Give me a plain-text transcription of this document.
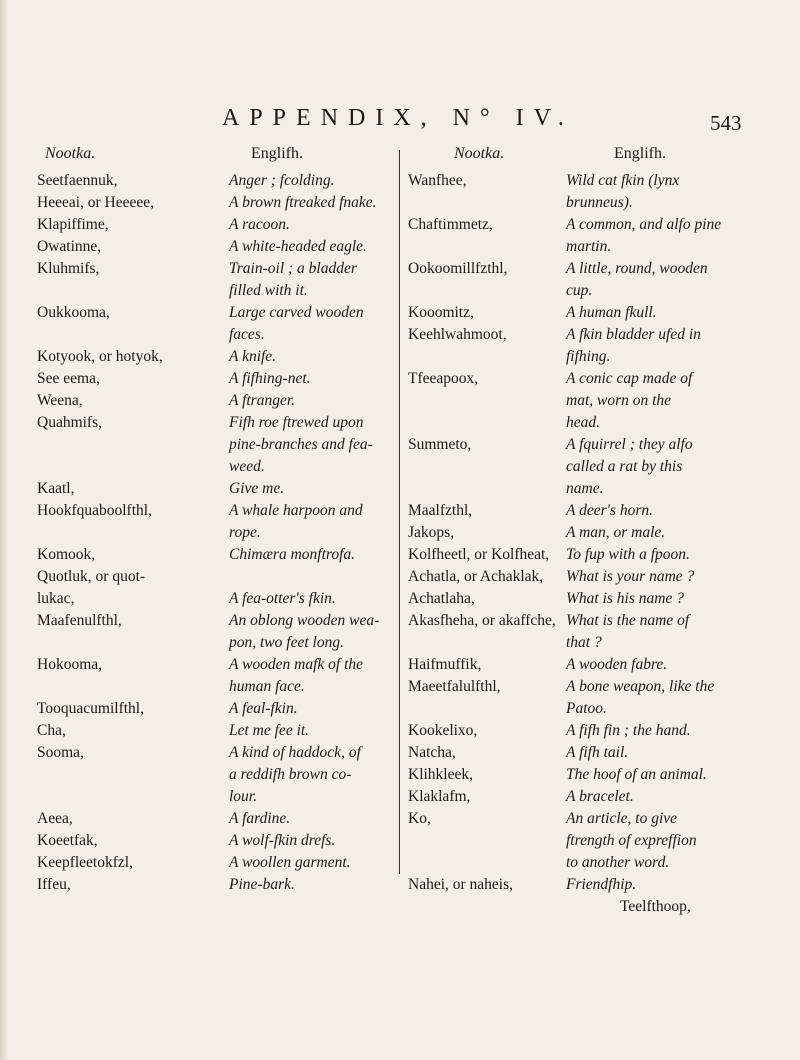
APPENDIX, N° IV.	543
Nootka.	Englifh.	Nootka.	Englifh.
Seetfaennuk,	Anger ; fcolding.
Heeeai, or Heeeee,	A brown ftreaked fnake.
Klapiffime,	A racoon.
Owatinne,	A white-headed eagle.
Kluhmifs,	Train-oil ; a bladder
filled with it.
Oukkooma,	Large carved wooden
faces.
Kotyook, or hotyok,	A knife.
See eema,	A fifhing-net.
Weena,	A ftranger.
Quahmifs,	Fifh roe ftrewed upon
pine-branches and fea-
weed.
Kaatl,	Give me.
Hookfquaboolfthl,	A whale harpoon and
rope.
Komook,	Chimæra monftrofa.
Quotluk, or quot-
lukac,	A fea-otter's fkin.
Maafenulfthl,	An oblong wooden wea-
pon, two feet long.
Hokooma,	A wooden mafk of the
human face.
Tooquacumilfthl,	A feal-fkin.
Cha,	Let me fee it.
Sooma,	A kind of haddock, of
a reddifh brown co-
lour.
Aeea,	A fardine.
Koeetfak,	A wolf-fkin drefs.
Keepfleetokfzl,	A woollen garment.
Iffeu,	Pine-bark.
Wanfhee,	Wild cat fkin (lynx
brunneus).
Chaftimmetz,	A common, and alfo pine
martin.
Ookoomillfzthl,	A little, round, wooden
cup.
Kooomitz,	A human fkull.
Keehlwahmoot,	A fkin bladder ufed in
fifhing.
Tfeeapoox,	A conic cap made of
mat, worn on the
head.
Summeto,	A fquirrel ; they alfo
called a rat by this
name.
Maalfzthl,	A deer's horn.
Jakops,	A man, or male.
Kolfheetl, or Kolfheat, To fup with a fpoon.
Achatla, or Achaklak, What is your name ?
Achatlaha,	What is his name ?
Akasfheha, or akaffche, What is the name of
that ?
Haifmuffik,	A wooden fabre.
Maeetfalulfthl,	A bone weapon, like the
Patoo.
Kookelixo,	A fifh fin ; the hand.
Natcha,	A fifh tail.
Klihkleek,	The hoof of an animal.
Klaklafm,	A bracelet.
Ko,	An article, to give
ftrength of expreffion
to another word.
Nahei, or naheis,	Friendfhip.
Teelfthoop,
